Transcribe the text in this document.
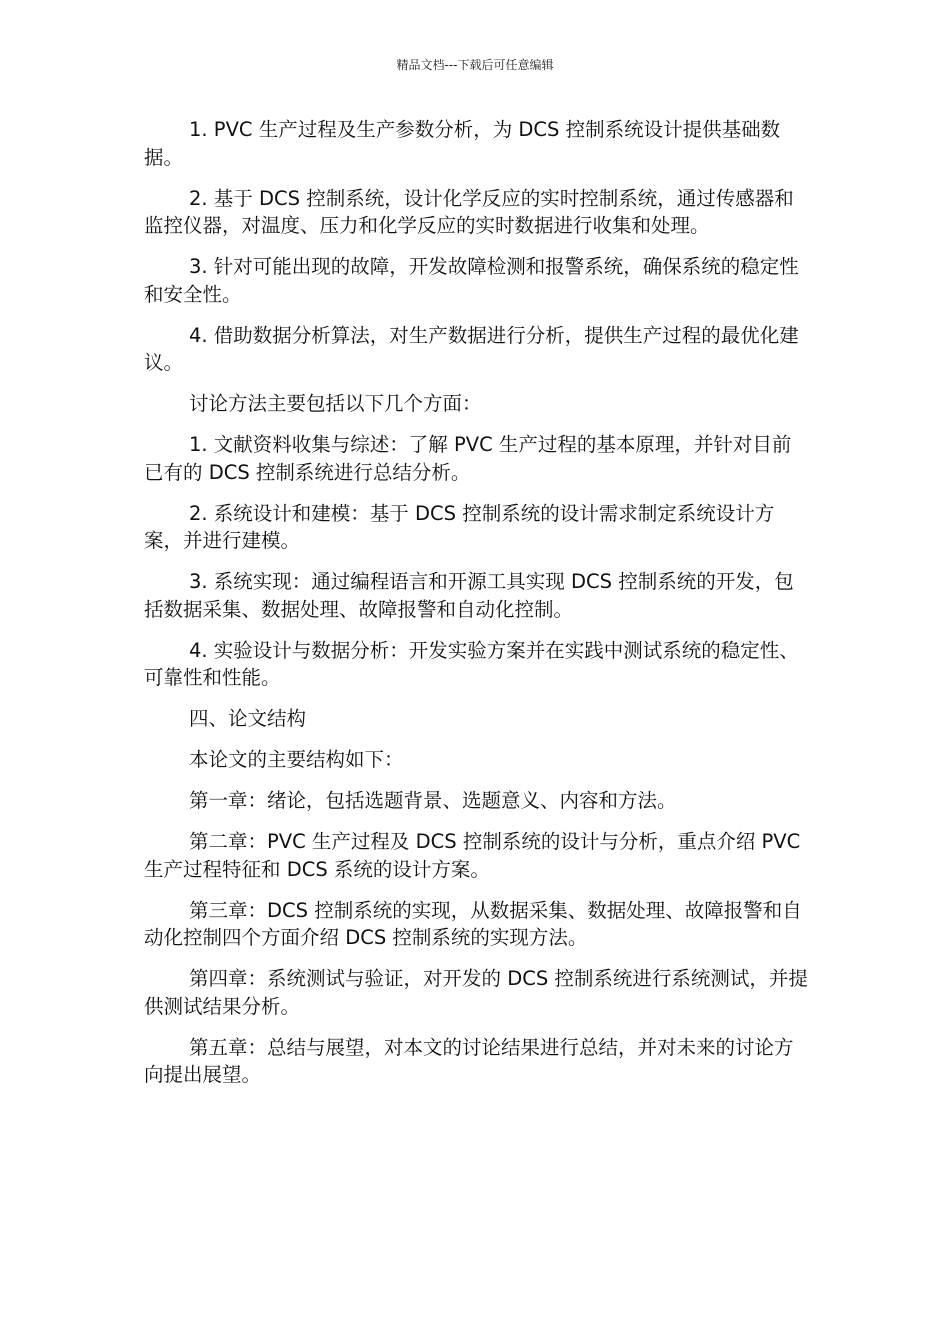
精品文档---下载后可任意编辑

1. PVC 生产过程及生产参数分析，为 DCS 控制系统设计提供基础数据。

2. 基于 DCS 控制系统，设计化学反应的实时控制系统，通过传感器和监控仪器，对温度、压力和化学反应的实时数据进行收集和处理。

3. 针对可能出现的故障，开发故障检测和报警系统，确保系统的稳定性和安全性。

4. 借助数据分析算法，对生产数据进行分析，提供生产过程的最优化建议。

讨论方法主要包括以下几个方面：

1. 文献资料收集与综述：了解 PVC 生产过程的基本原理，并针对目前已有的 DCS 控制系统进行总结分析。

2. 系统设计和建模：基于 DCS 控制系统的设计需求制定系统设计方案，并进行建模。

3. 系统实现：通过编程语言和开源工具实现 DCS 控制系统的开发，包括数据采集、数据处理、故障报警和自动化控制。

4. 实验设计与数据分析：开发实验方案并在实践中测试系统的稳定性、可靠性和性能。

四、论文结构

本论文的主要结构如下：

第一章：绪论，包括选题背景、选题意义、内容和方法。

第二章：PVC 生产过程及 DCS 控制系统的设计与分析，重点介绍 PVC 生产过程特征和 DCS 系统的设计方案。

第三章：DCS 控制系统的实现，从数据采集、数据处理、故障报警和自动化控制四个方面介绍 DCS 控制系统的实现方法。

第四章：系统测试与验证，对开发的 DCS 控制系统进行系统测试，并提供测试结果分析。

第五章：总结与展望，对本文的讨论结果进行总结，并对未来的讨论方向提出展望。
